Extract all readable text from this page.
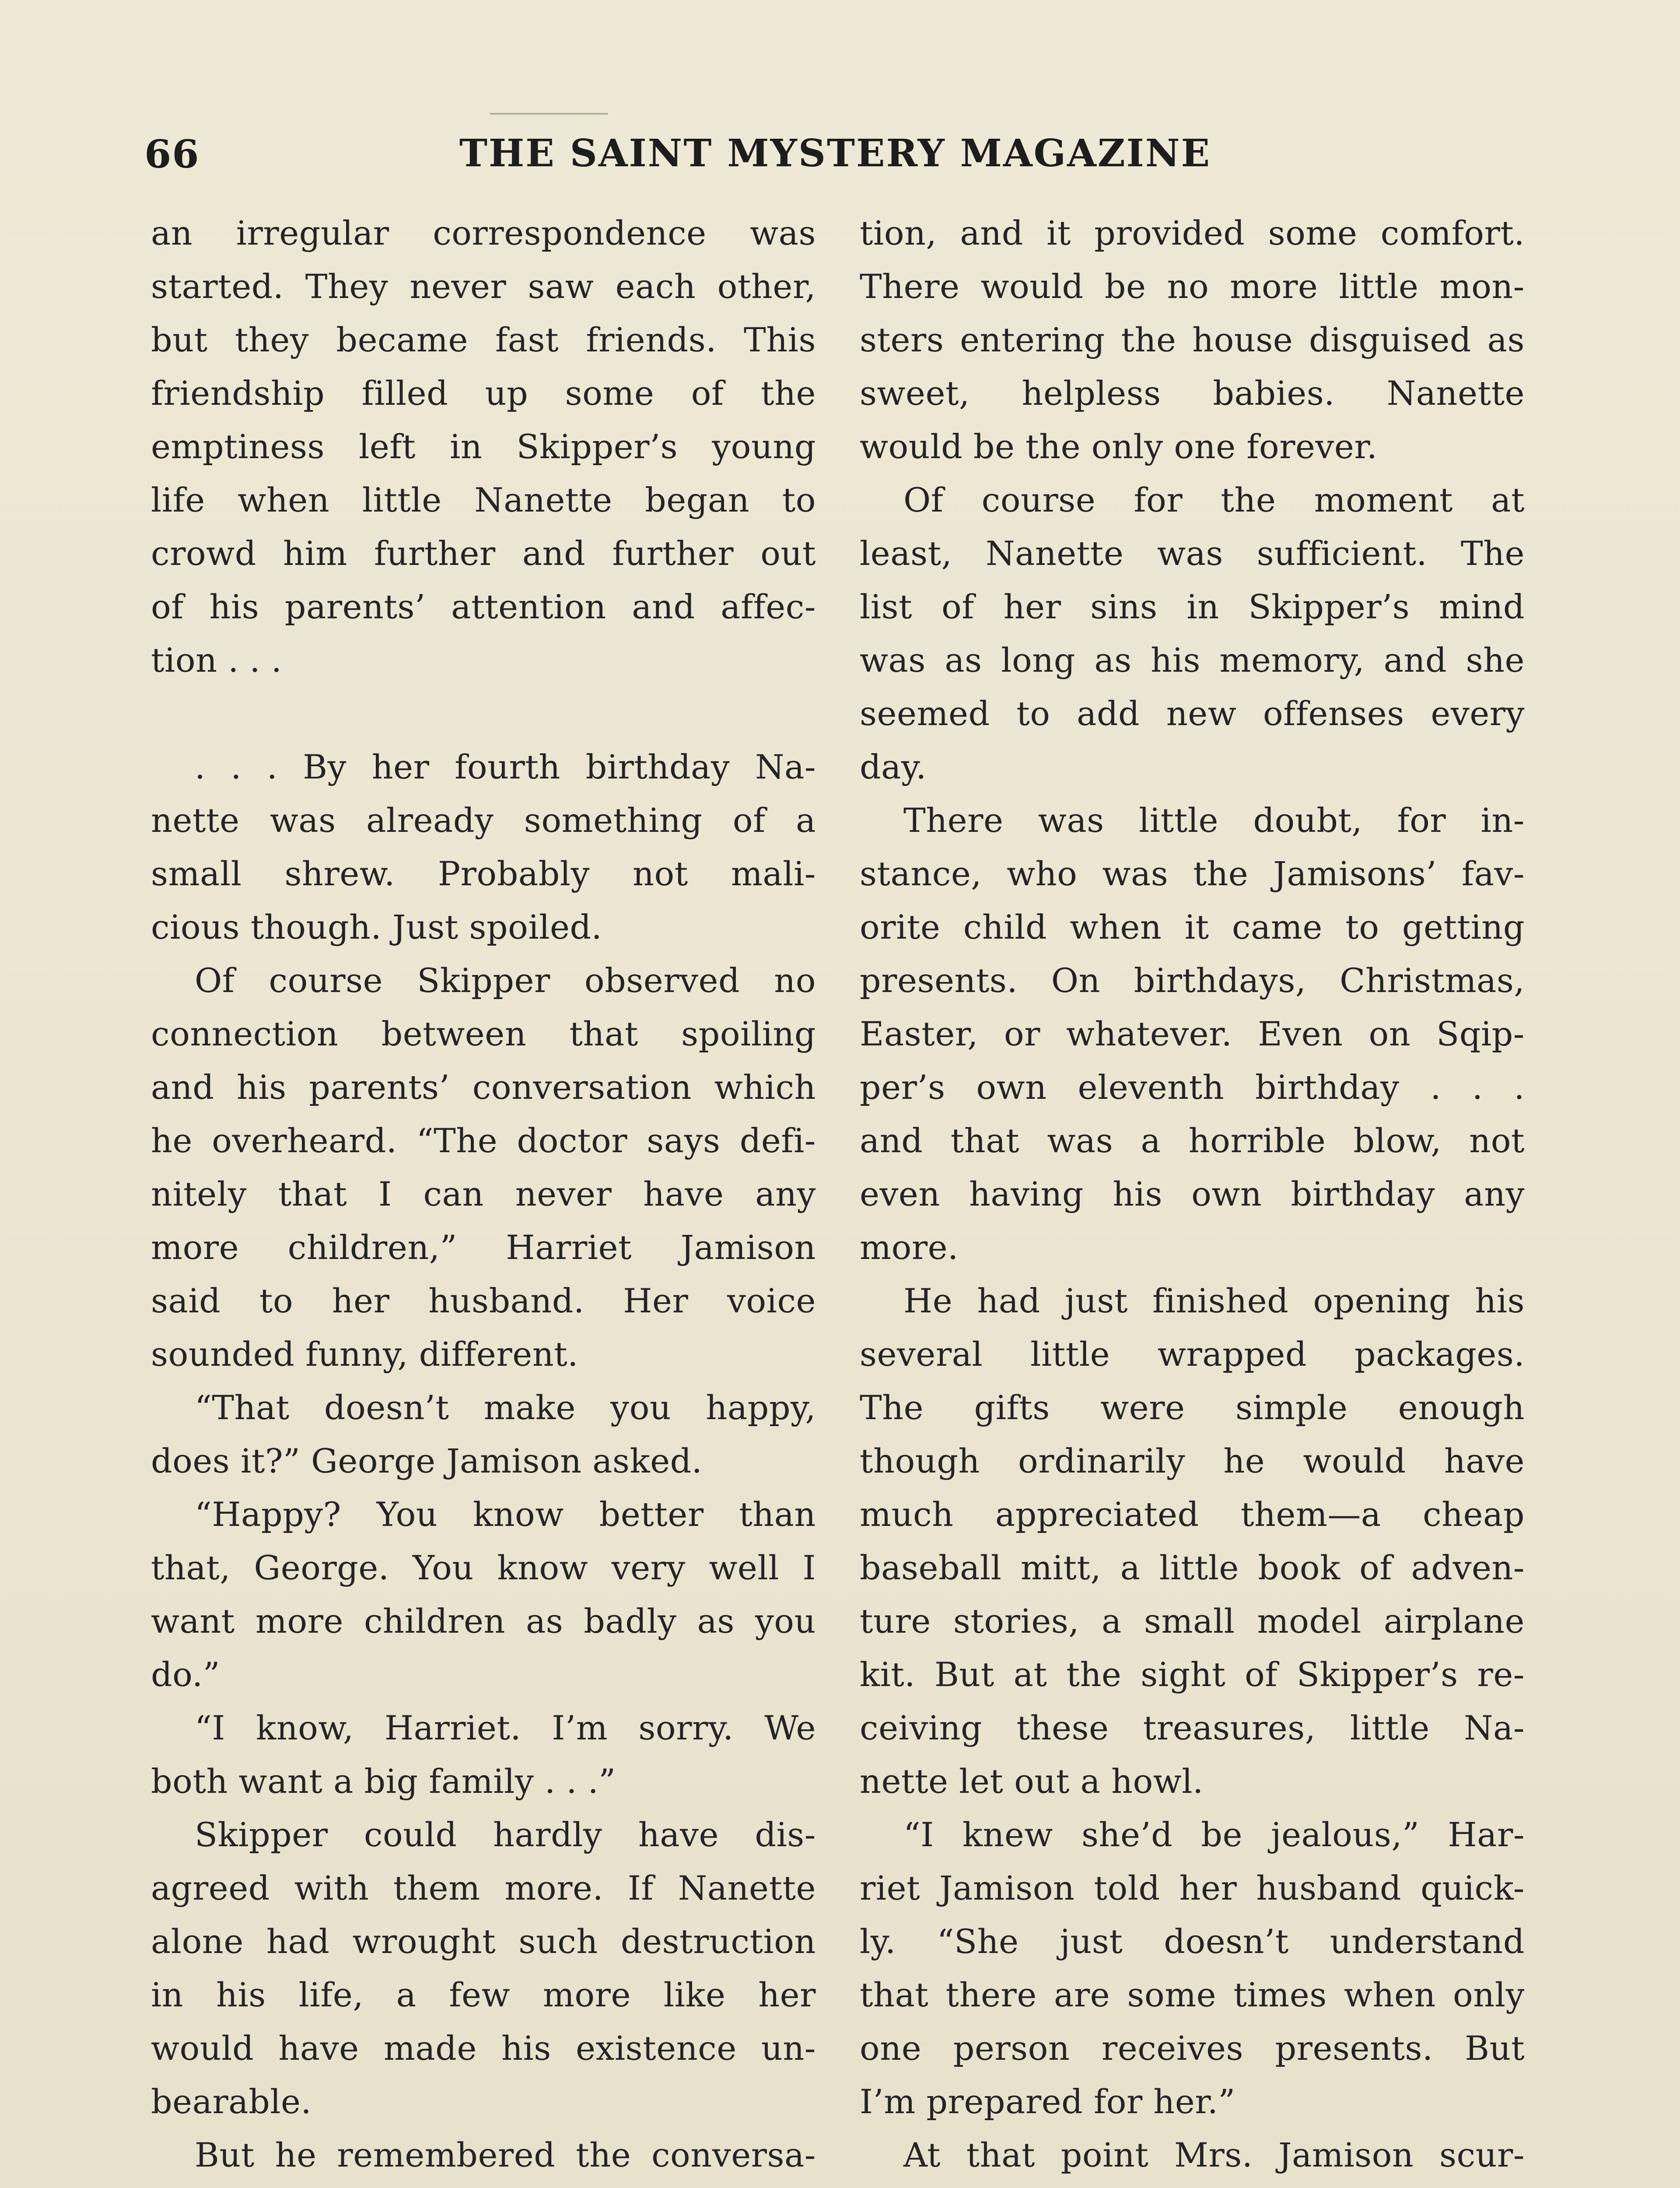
66	THE SAINT MYSTERY MAGAZINE
an irregular correspondence was
started. They never saw each other,
but they became fast friends. This
friendship filled up some of the
emptiness left in Skipper’s young
life when little Nanette began to
crowd him further and further out
of his parents’ attention and affec-
tion . . .
. . . By her fourth birthday Na-
nette was already something of a
small shrew. Probably not mali-
cious though. Just spoiled.
Of course Skipper observed no
connection between that spoiling
and his parents’ conversation which
he overheard. “The doctor says defi-
nitely that I can never have any
more children,” Harriet Jamison
said to her husband. Her voice
sounded funny, different.
“That doesn’t make you happy,
does it?” George Jamison asked.
“Happy? You know better than
that, George. You know very well I
want more children as badly as you
do.”
“I know, Harriet. I’m sorry. We
both want a big family . . .”
Skipper could hardly have dis-
agreed with them more. If Nanette
alone had wrought such destruction
in his life, a few more like her
would have made his existence un-
bearable.
But he remembered the conversa-
tion, and it provided some comfort.
There would be no more little mon-
sters entering the house disguised as
sweet, helpless babies. Nanette
would be the only one forever.
Of course for the moment at
least, Nanette was sufficient. The
list of her sins in Skipper’s mind
was as long as his memory, and she
seemed to add new offenses every
day.
There was little doubt, for in-
stance, who was the Jamisons’ fav-
orite child when it came to getting
presents. On birthdays, Christmas,
Easter, or whatever. Even on Sqip-
per’s own eleventh birthday . . .
and that was a horrible blow, not
even having his own birthday any
more.
He had just finished opening his
several little wrapped packages.
The gifts were simple enough
though ordinarily he would have
much appreciated them—a cheap
baseball mitt, a little book of adven-
ture stories, a small model airplane
kit. But at the sight of Skipper’s re-
ceiving these treasures, little Na-
nette let out a howl.
“I knew she’d be jealous,” Har-
riet Jamison told her husband quick-
ly. “She just doesn’t understand
that there are some times when only
one person receives presents. But
I’m prepared for her.”
At that point Mrs. Jamison scur-
